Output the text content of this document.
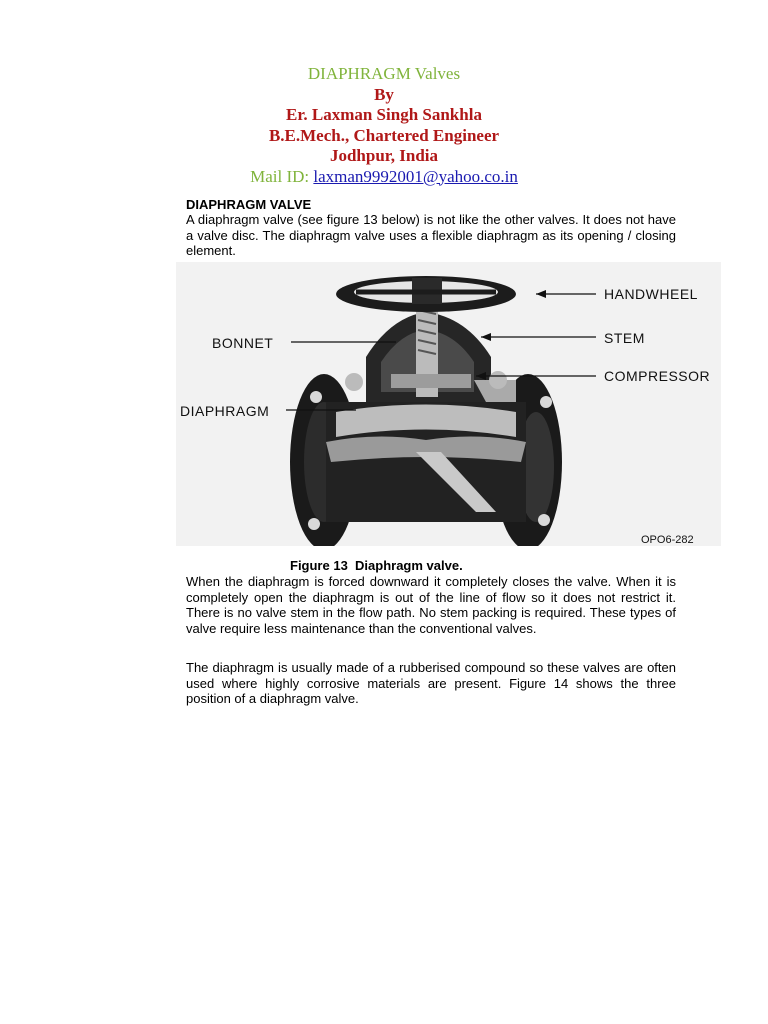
DIAPHRAGM Valves
By
Er. Laxman Singh Sankhla
B.E.Mech., Chartered Engineer
Jodhpur, India
Mail ID: laxman9992001@yahoo.co.in
DIAPHRAGM VALVE

A diaphragm valve (see figure 13 below) is not like the other valves. It does not have a valve disc. The diaphragm valve uses a flexible diaphragm as its opening / closing element.

HANDWHEEL
STEM
COMPRESSOR
BONNET
DIAPHRAGM
OPO6-282
Figure 13  Diaphragm valve.

When the diaphragm is forced downward it completely closes the valve. When it is completely open the diaphragm is out of the line of flow so it does not restrict it. There is no valve stem in the flow path. No stem packing is required. These types of valve require less maintenance than the conventional valves.

The diaphragm is usually made of a rubberised compound so these valves are often used where highly corrosive materials are present. Figure 14 shows the three position of a diaphragm valve.
